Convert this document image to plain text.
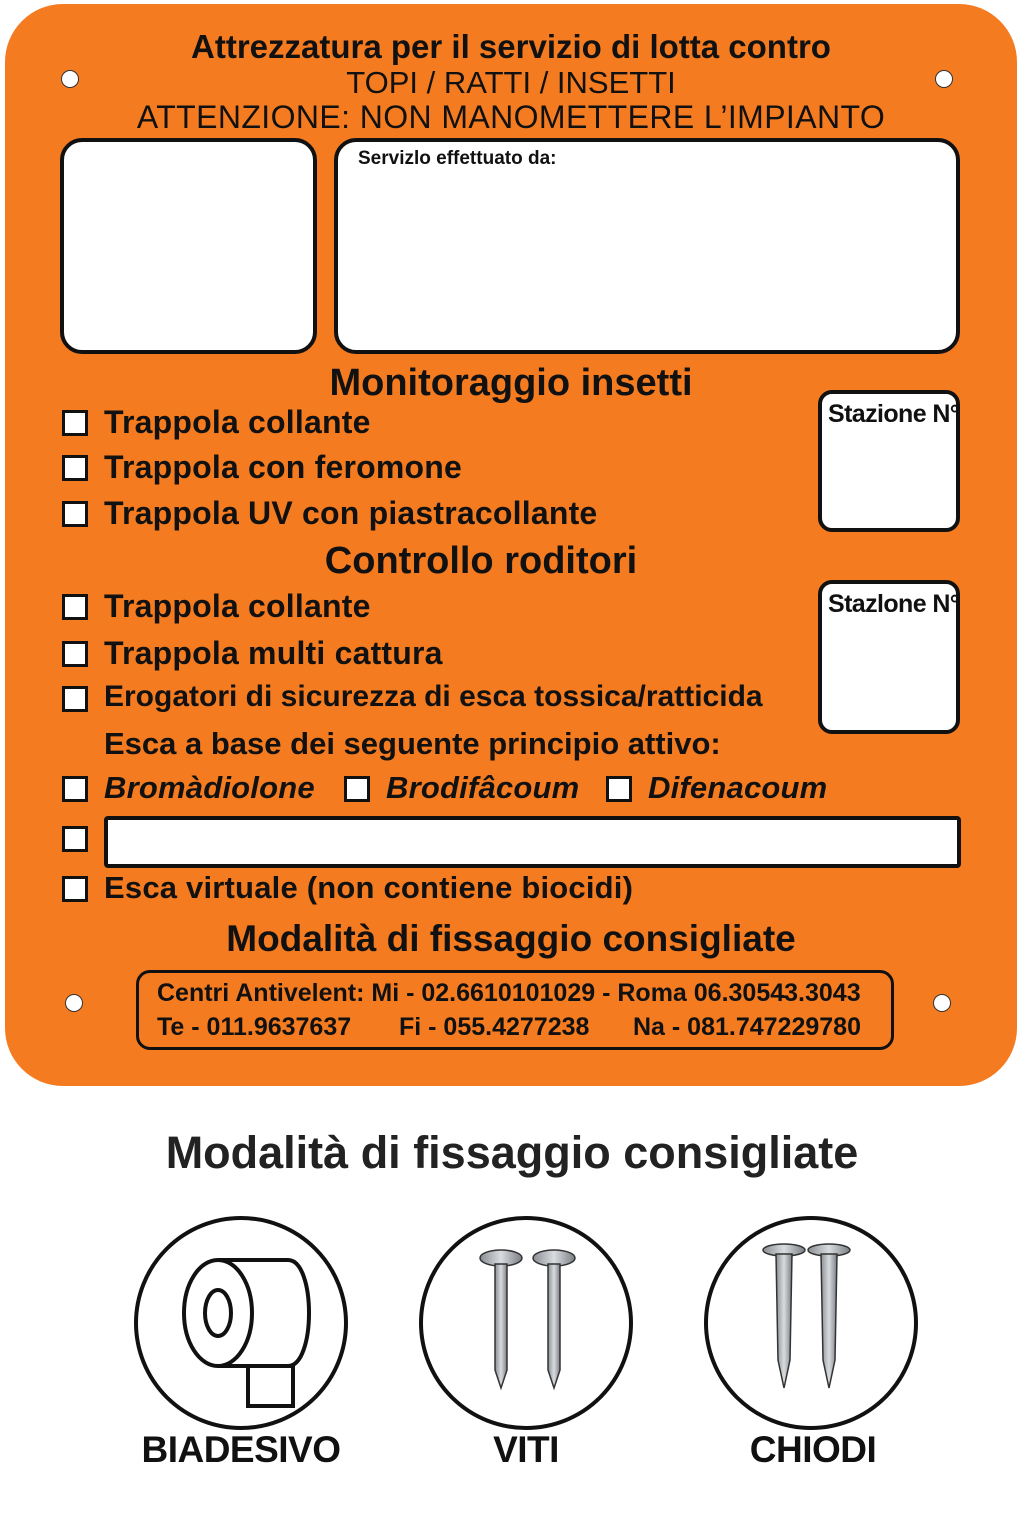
Attrezzatura per il servizio di lotta contro
TOPI / RATTI / INSETTI
ATTENZIONE: NON MANOMETTERE L’IMPIANTO
Servizlo effettuato da:
Monitoraggio insetti
Trappola collante
Trappola con feromone
Trappola UV con piastracollante
Stazione N°
Controllo roditori
Trappola collante
Trappola multi cattura
Erogatori di sicurezza di esca tossica/ratticida
Stazlone N°
Esca a base dei seguente principio attivo:
Bromàdiolone Brodifâcoum Difenacoum
Esca virtuale (non contiene biocidi)
Modalità di fissaggio consigliate
Centri Antivelent: Mi - 02.6610101029 - Roma 06.3054̵3.3043
Te - 011.9637637 Fi - 055.4277238 Na - 081.747229780
Modalità di fissaggio consigliate
BIADESIVO	VITI	CHIODI
